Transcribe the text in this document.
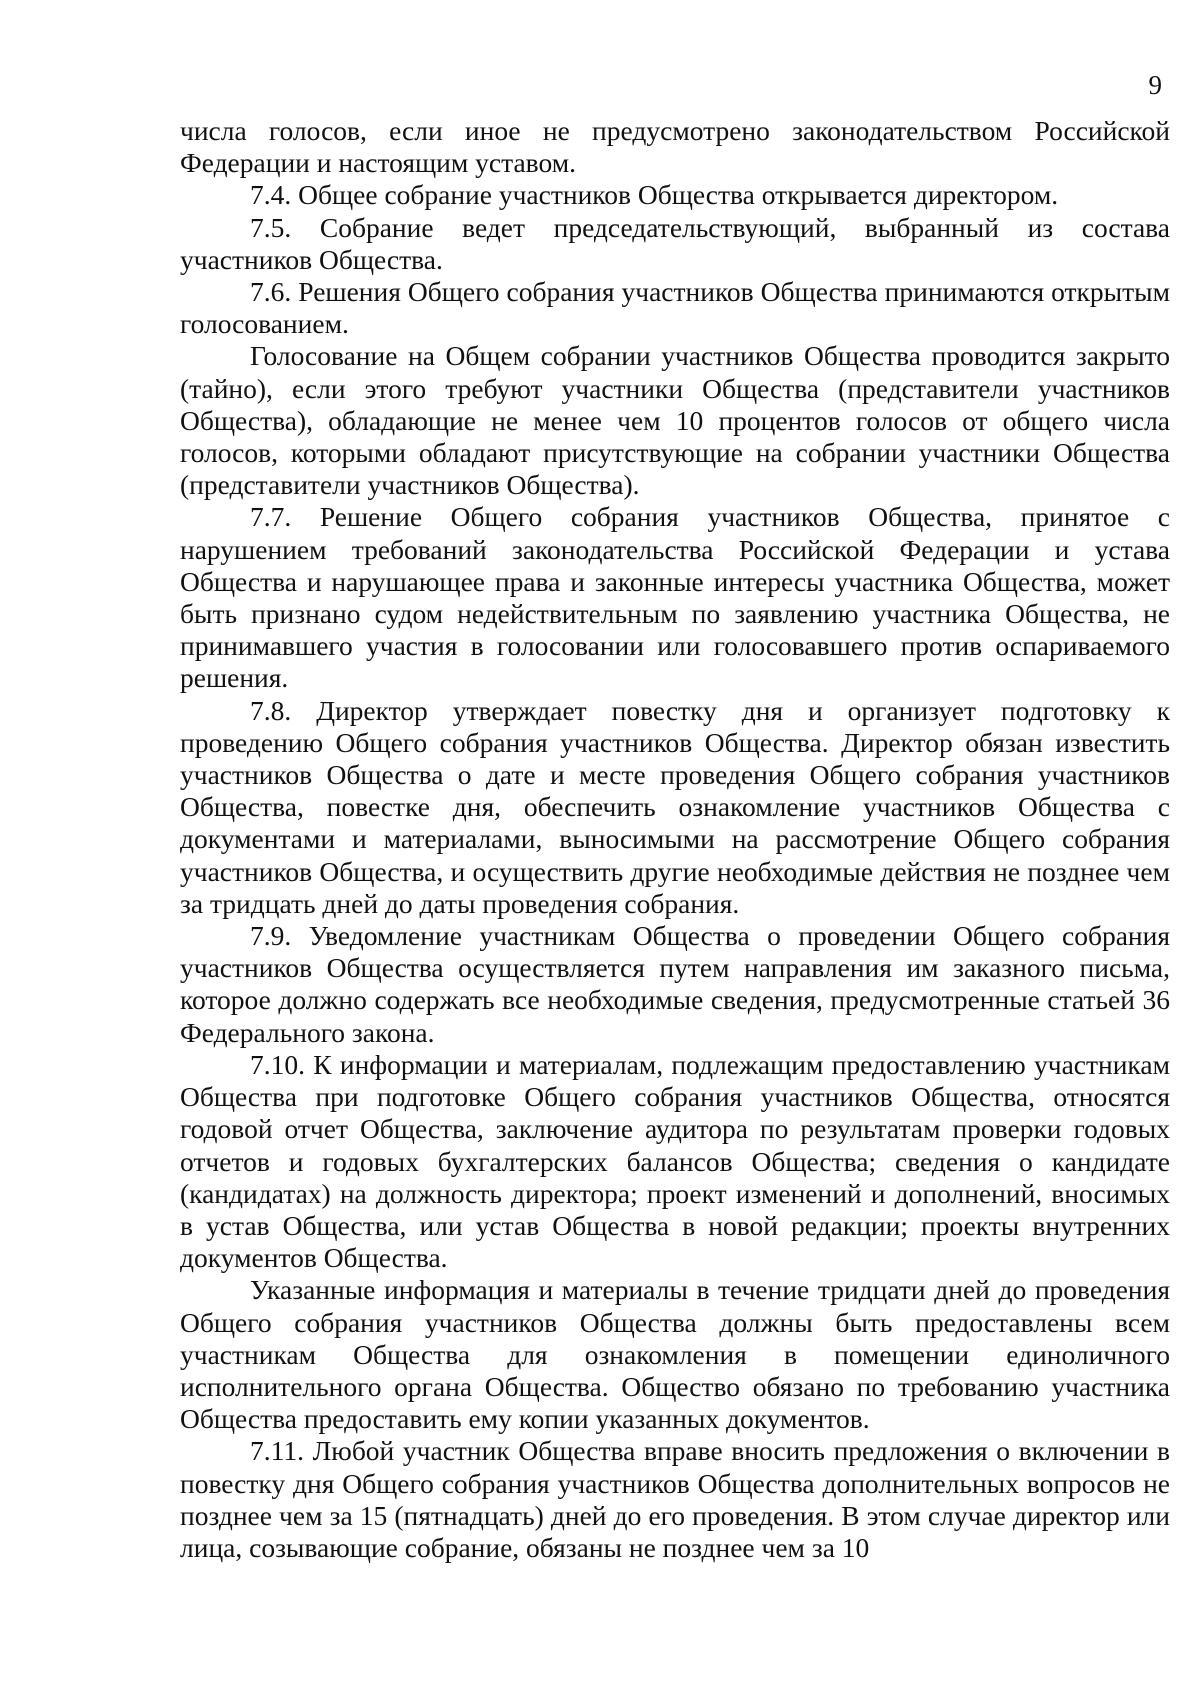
9

числа голосов, если иное не предусмотрено законодательством Российской Федерации и настоящим уставом.

7.4. Общее собрание участников Общества открывается директором.

7.5. Собрание ведет председательствующий, выбранный из состава участников Общества.

7.6. Решения Общего собрания участников Общества принимаются открытым голосованием.

Голосование на Общем собрании участников Общества проводится закрыто (тайно), если этого требуют участники Общества (представители участников Общества), обладающие не менее чем 10 процентов голосов от общего числа голосов, которыми обладают присутствующие на собрании участники Общества (представители участников Общества).

7.7. Решение Общего собрания участников Общества, принятое с нарушением требований законодательства Российской Федерации и устава Общества и нарушающее права и законные интересы участника Общества, может быть признано судом недействительным по заявлению участника Общества, не принимавшего участия в голосовании или голосовавшего против оспариваемого решения.

7.8. Директор утверждает повестку дня и организует подготовку к проведению Общего собрания участников Общества. Директор обязан известить участников Общества о дате и месте проведения Общего собрания участников Общества, повестке дня, обеспечить ознакомление участников Общества с документами и материалами, выносимыми на рассмотрение Общего собрания участников Общества, и осуществить другие необходимые действия не позднее чем за тридцать дней до даты проведения собрания.

7.9. Уведомление участникам Общества о проведении Общего собрания участников Общества осуществляется путем направления им заказного письма, которое должно содержать все необходимые сведения, предусмотренные статьей 36 Федерального закона.

7.10. К информации и материалам, подлежащим предоставлению участникам Общества при подготовке Общего собрания участников Общества, относятся годовой отчет Общества, заключение аудитора по результатам проверки годовых отчетов и годовых бухгалтерских балансов Общества; сведения о кандидате (кандидатах) на должность директора; проект изменений и дополнений, вносимых в устав Общества, или устав Общества в новой редакции; проекты внутренних документов Общества.

Указанные информация и материалы в течение тридцати дней до проведения Общего собрания участников Общества должны быть предоставлены всем участникам Общества для ознакомления в помещении единоличного исполнительного органа Общества. Общество обязано по требованию участника Общества предоставить ему копии указанных документов.

7.11. Любой участник Общества вправе вносить предложения о включении в повестку дня Общего собрания участников Общества дополнительных вопросов не позднее чем за 15 (пятнадцать) дней до его проведения. В этом случае директор или лица, созывающие собрание, обязаны не позднее чем за 10
